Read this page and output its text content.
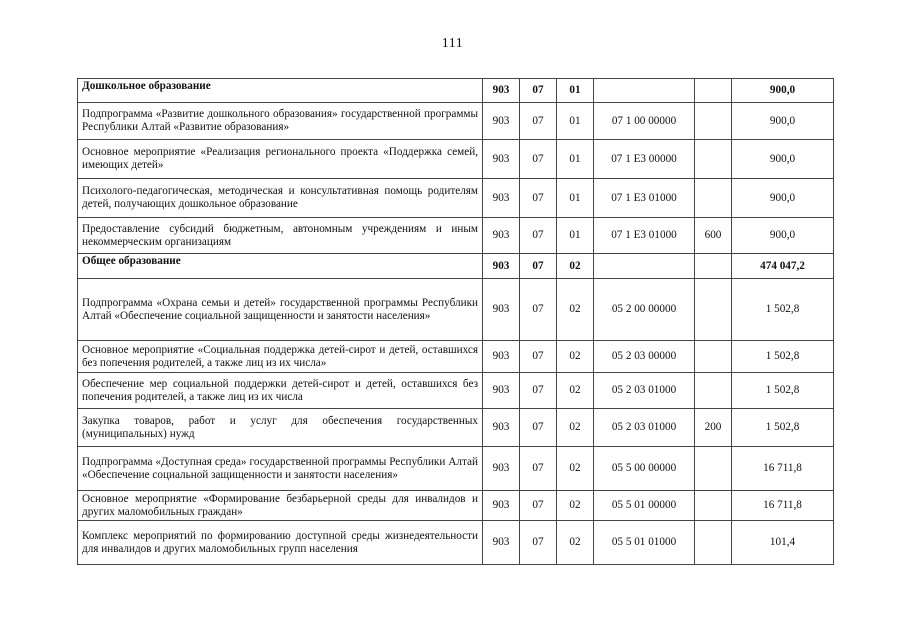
111
Дошкольное образование	903	07	01			900,0
Подпрограмма «Развитие дошкольного образования» государственной программы Республики Алтай «Развитие образования»	903	07	01	07 1 00 00000		900,0
Основное мероприятие «Реализация регионального проекта «Поддержка семей, имеющих детей»	903	07	01	07 1 E3 00000		900,0
Психолого-педагогическая, методическая и консультативная помощь родителям детей, получающих дошкольное образование	903	07	01	07 1 E3 01000		900,0
Предоставление субсидий бюджетным, автономным учреждениям и иным некоммерческим организациям	903	07	01	07 1 E3 01000	600	900,0
Общее образование	903	07	02			474 047,2
Подпрограмма «Охрана семьи и детей» государственной программы Республики Алтай «Обеспечение социальной защищенности и занятости населения»	903	07	02	05 2 00 00000		1 502,8
Основное мероприятие «Социальная поддержка детей-сирот и детей, оставшихся без попечения родителей, а также лиц из их числа»	903	07	02	05 2 03 00000		1 502,8
Обеспечение мер социальной поддержки детей-сирот и детей, оставшихся без попечения родителей, а также лиц из их числа	903	07	02	05 2 03 01000		1 502,8
Закупка товаров, работ и услуг для обеспечения государственных (муниципальных) нужд	903	07	02	05 2 03 01000	200	1 502,8
Подпрограмма «Доступная среда» государственной программы Республики Алтай «Обеспечение социальной защищенности и занятости населения»	903	07	02	05 5 00 00000		16 711,8
Основное мероприятие «Формирование безбарьерной среды для инвалидов и других маломобильных граждан»	903	07	02	05 5 01 00000		16 711,8
Комплекс мероприятий по формированию доступной среды жизнедеятельности для инвалидов и других маломобильных групп населения	903	07	02	05 5 01 01000		101,4
